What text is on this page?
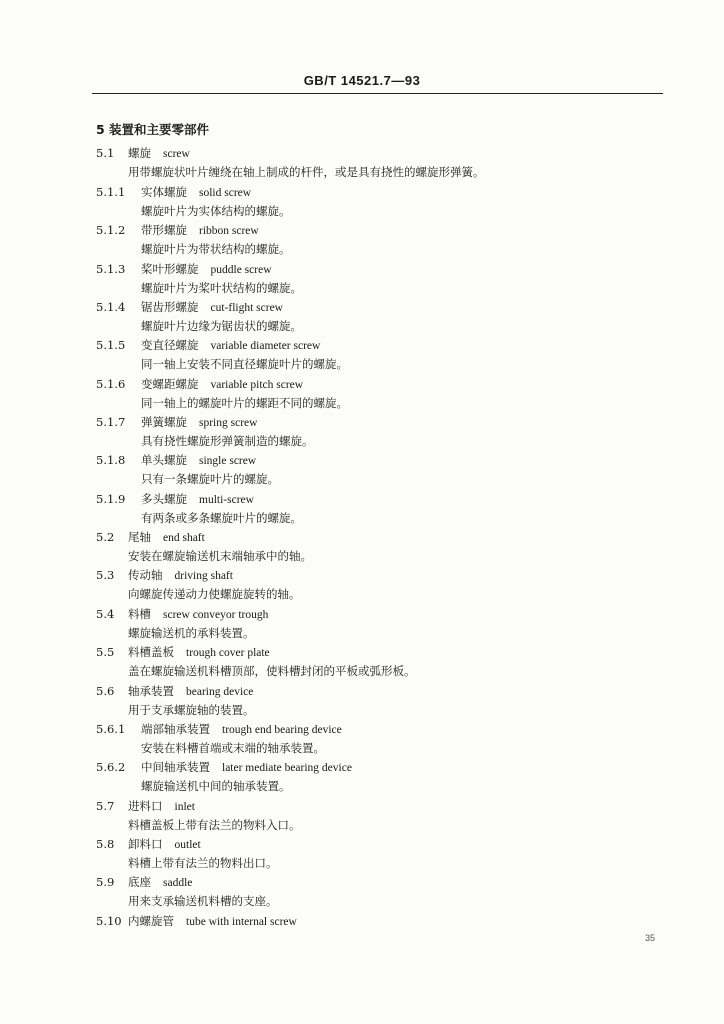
GB/T 14521.7—93
5 装置和主要零部件
5.1 螺旋 screw
用带螺旋状叶片缠绕在轴上制成的杆件，或是具有挠性的螺旋形弹簧。
5.1.1 实体螺旋 solid screw
螺旋叶片为实体结构的螺旋。
5.1.2 带形螺旋 ribbon screw
螺旋叶片为带状结构的螺旋。
5.1.3 桨叶形螺旋 puddle screw
螺旋叶片为桨叶状结构的螺旋。
5.1.4 锯齿形螺旋 cut-flight screw
螺旋叶片边缘为锯齿状的螺旋。
5.1.5 变直径螺旋 variable diameter screw
同一轴上安装不同直径螺旋叶片的螺旋。
5.1.6 变螺距螺旋 variable pitch screw
同一轴上的螺旋叶片的螺距不同的螺旋。
5.1.7 弹簧螺旋 spring screw
具有挠性螺旋形弹簧制造的螺旋。
5.1.8 单头螺旋 single screw
只有一条螺旋叶片的螺旋。
5.1.9 多头螺旋 multi-screw
有两条或多条螺旋叶片的螺旋。
5.2 尾轴 end shaft
安装在螺旋输送机末端轴承中的轴。
5.3 传动轴 driving shaft
向螺旋传递动力使螺旋旋转的轴。
5.4 料槽 screw conveyor trough
螺旋输送机的承料装置。
5.5 料槽盖板 trough cover plate
盖在螺旋输送机料槽顶部，使料槽封闭的平板或弧形板。
5.6 轴承装置 bearing device
用于支承螺旋轴的装置。
5.6.1 端部轴承装置 trough end bearing device
安装在料槽首端或末端的轴承装置。
5.6.2 中间轴承装置 later mediate bearing device
螺旋输送机中间的轴承装置。
5.7 进料口 inlet
料槽盖板上带有法兰的物料入口。
5.8 卸料口 outlet
料槽上带有法兰的物料出口。
5.9 底座 saddle
用来支承输送机料槽的支座。
5.10 内螺旋管 tube with internal screw
35
